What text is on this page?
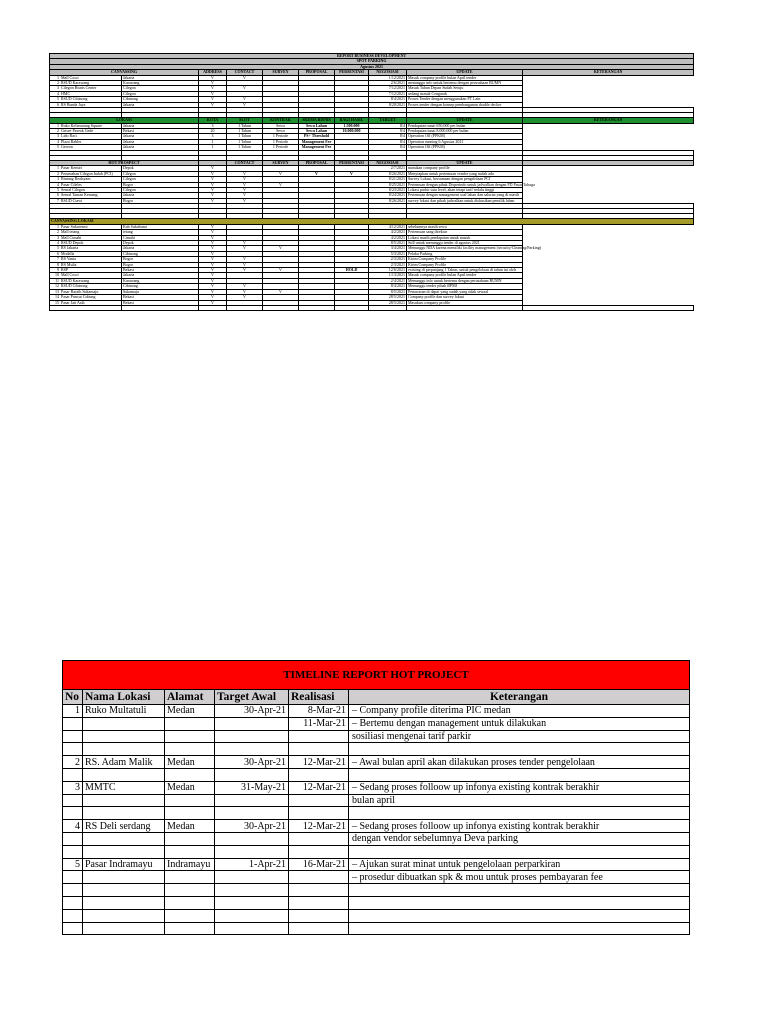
REPORT BUSINESS DEVELOPMENT									
SPOT PARKING									
Agustus 2021									
CANVASSING		ADDRESS	CONTACT	SURVEY	PROPOSAL	PERSENTASI	NEGOSIASI	UPDATE	KETERANGAN
1 Mall Cosci	Jakarta	V	V				1/12/2021	Masuk company profile bulan April tender	
2 RSUD Karawang	Karawang	V					2/6/2021	menunggu info untuk bertemu dengan perusahaan BUMN	
3 Cilegon Bisnis Center	Cilegon	V	V				7/12/2021	Masuk Tahun Depan Sudah Setuju	
4 HMC	Cilegon	V					7/12/2021	sedang masuk Cengarak	
5 RSUD Cibinong	Cibinong	V	V				8/4/2021	Proses Tender dengan menggunakan PT Lain	
6 RS Bunda Jaya	Jakarta	V	V				8/20/2021	Proses tender dengan konsep pembangunan double decker	

LOKASI		KOTA	SLOT	KONTRAK	SKEMA BISNIS	BAGI HASIL	TARGET	UPDATE	KETERANGAN
1 Ruko Kelimutung Square	Jakarta	3	1 Tahun	Sewa	Sewa Lahan	1.500.000	8/4	Pendapatan tunai 650,000 per bulan	
2 Grisee Paseok Gede	Bekasi	20	1 Tahun	Sewa	Sewa Lahan	10.000.000	8/4	Pendapatan tunai 8,000,000 per bulan	
3 Lido Raci	Jakarta	3	1 Tahun	1 Periode	PS+ Threshold		8/4	Operation Off (PPKM)	
4 Plaza Babler	Jakarta	1	1 Tahun	1 Periode	Management Fee		8/4	Operation running 6 Agustus 2021	
5 Gereon	Jakarta	1	1 Tahun	1 Periode	Management Fee		8/4	Operation Off (PPKM)	

HOT PROSPECT			CONTACT	SURVEY	PROPOSAL	PERSENTASI	NEGOSIASI	UPDATE	
1 Pasar Kemiri	Depok	V					2/7/2021	masukan company profile	
2 Perumahan Cilegon Indah (PCI)	Cilegon	V	V	V	V	V	8/26/2021	Menyiapkan untuk pertemuan vendor yang sudah ada	
3 Bintang Realsyam	Cilegon	V	V				8/21/2021	Survey Lokasi, bersamaan dengan pengelolaan PCI	
4 Pasar Cileles	Bogor	V	V	V			8/25/2021	Pertemuan dengan pihak Disperindo untuk jadwalkan dengan PD Pasar Tohaga	
5 Senral Cilegon	Cilegon	V	V				8/23/2021	Lokasi parkir satu level, akan tetapi tarif terlalu tinggi	
6 Senral Taman Kemang	Jakarta	V	V				8/24/2021	Pertemuan dengan management soal lahan dan saluran yang di masih	
7 RSUD Ciawi	Bogor	V	V				8/26/2021	survey lokasi dan pihak jadwalkan untuk diskusikan pemilik lahan	

CANVASSING LOKASI									
1 Pasar Sukaresmi	Kab Sukabumi	V					4/12/2021	sebelumnya masih sewa	
2 Mall tetang	tetang	V					4/2/2021	Pertemuan sang direktur	
3 Mall Cimahi	Cimahi	V					4/2/2021	Lokasi masih pendapatan untuk masuk	
4 RSUD Depok	Depok	V	V				8/5/2021	Still untuk menunggu tender di agustus 2021	
5 RS Jakarta	Jakarta	V	V	V			3/4/2021	Menunggu NDA karena memiliki facility management (security/Cleaning/Parking)	
6 Modella	Cibinong	V					5/3/2021	Pelaku Parking	
7 RS Vania	Bogor	V	V				2/3/2021	Kirim Company Profile	
8 RS Mulia	Bogor	V	V				2/3/2021	Kirim Company Profile	
9 RSP	Bekasi	V	V	V		HOLD	12/6/2021	existing di perpanjang 1 Tahun, untuk pengelolaan di tahun ini oleh	
10 Mall Cosci	Jakarta	V					1/13/2021	Masuk company profile bulan April tender	
11 RSUD Karawang	Karawang	V					2/4/2021	Menunggu info untuk bertemu dengan perusahaan BUMN	
12 RSUD Cibinong	Cibinong	V	V				8/4/2021	Menunggu tender pihak RPMJ	
13 Pasar Baraih Sukamaju	Sukamaju	V	V	V			8/5/2021	Penawaran di dapat yang sudah yang tidak sewaal	
14 Pasar Puncut Cubung	Bekasi	V	V				28/5/2021	Company profile dan survey lokasi	
15 Pasar Jati Asih	Bekasi	V					28/5/2021	Masukan company profile	

TIMELINE REPORT HOT PROJECT					
No	Nama Lokasi	Alamat	Target Awal	Realisasi	Keterangan
1	Ruko Multatuli	Medan	30-Apr-21	8-Mar-21	– Company profile diterima PIC medan
				11-Mar-21	– Bertemu dengan management untuk dilakukan
					sosiliasi mengenai tarif parkir

2	RS. Adam Malik	Medan	30-Apr-21	12-Mar-21	– Awal bulan april akan dilakukan proses tender pengelolaan

3	MMTC	Medan	31-May-21	12-Mar-21	– Sedang proses folloow up infonya existing kontrak berakhir
					bulan april

4	RS Deli serdang	Medan	30-Apr-21	12-Mar-21	– Sedang proses folloow up infonya existing kontrak berakhir
					dengan vendor sebelumnya Deva parking

5	Pasar Indramayu	Indramayu	1-Apr-21	16-Mar-21	– Ajukan surat minat untuk pengelolaan perparkiran
					– prosedur dibuatkan spk & mou untuk proses pembayaran fee
